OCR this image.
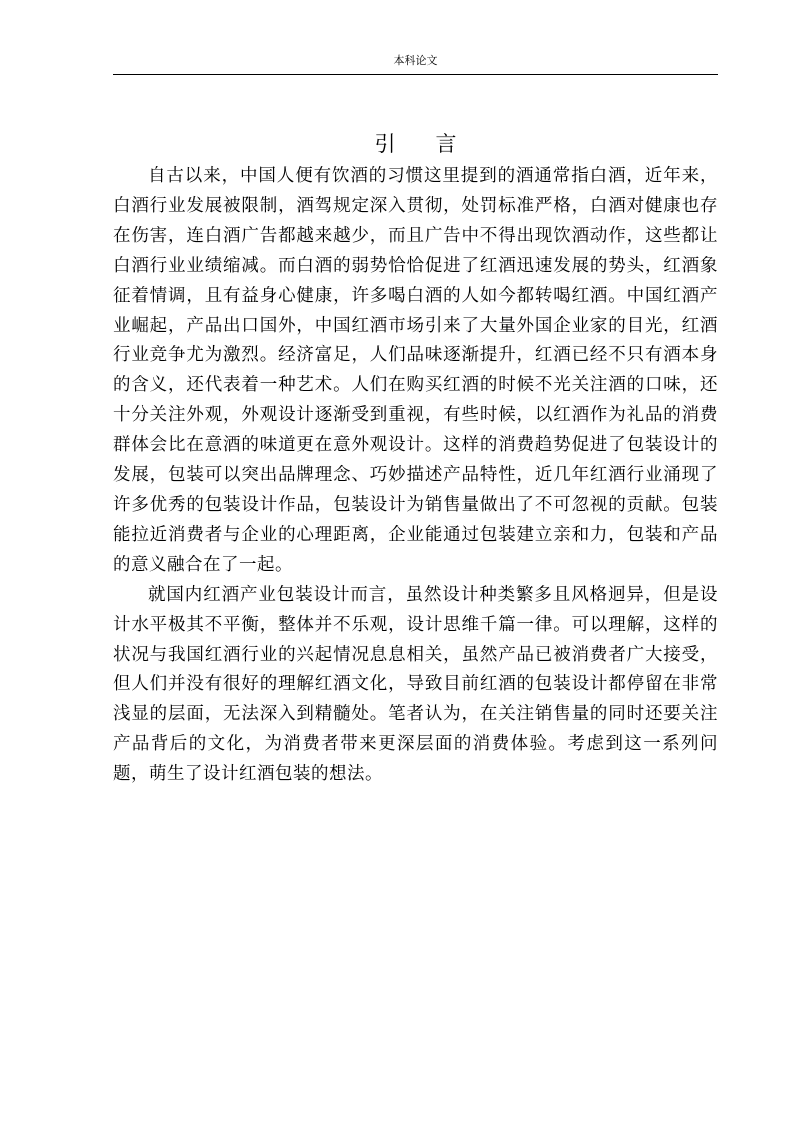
本科论文
引言

自古以来，中国人便有饮酒的习惯这里提到的酒通常指白酒，近年来，白酒行业发展被限制，酒驾规定深入贯彻，处罚标准严格，白酒对健康也存在伤害，连白酒广告都越来越少，而且广告中不得出现饮酒动作，这些都让白酒行业业绩缩减。而白酒的弱势恰恰促进了红酒迅速发展的势头，红酒象征着情调，且有益身心健康，许多喝白酒的人如今都转喝红酒。中国红酒产业崛起，产品出口国外，中国红酒市场引来了大量外国企业家的目光，红酒行业竞争尤为激烈。经济富足，人们品味逐渐提升，红酒已经不只有酒本身的含义，还代表着一种艺术。人们在购买红酒的时候不光关注酒的口味，还十分关注外观，外观设计逐渐受到重视，有些时候，以红酒作为礼品的消费群体会比在意酒的味道更在意外观设计。这样的消费趋势促进了包装设计的发展，包装可以突出品牌理念、巧妙描述产品特性，近几年红酒行业涌现了许多优秀的包装设计作品，包装设计为销售量做出了不可忽视的贡献。包装能拉近消费者与企业的心理距离，企业能通过包装建立亲和力，包装和产品的意义融合在了一起。

就国内红酒产业包装设计而言，虽然设计种类繁多且风格迥异，但是设计水平极其不平衡，整体并不乐观，设计思维千篇一律。可以理解，这样的状况与我国红酒行业的兴起情况息息相关，虽然产品已被消费者广大接受，但人们并没有很好的理解红酒文化，导致目前红酒的包装设计都停留在非常浅显的层面，无法深入到精髓处。笔者认为，在关注销售量的同时还要关注产品背后的文化，为消费者带来更深层面的消费体验。考虑到这一系列问题，萌生了设计红酒包装的想法。
